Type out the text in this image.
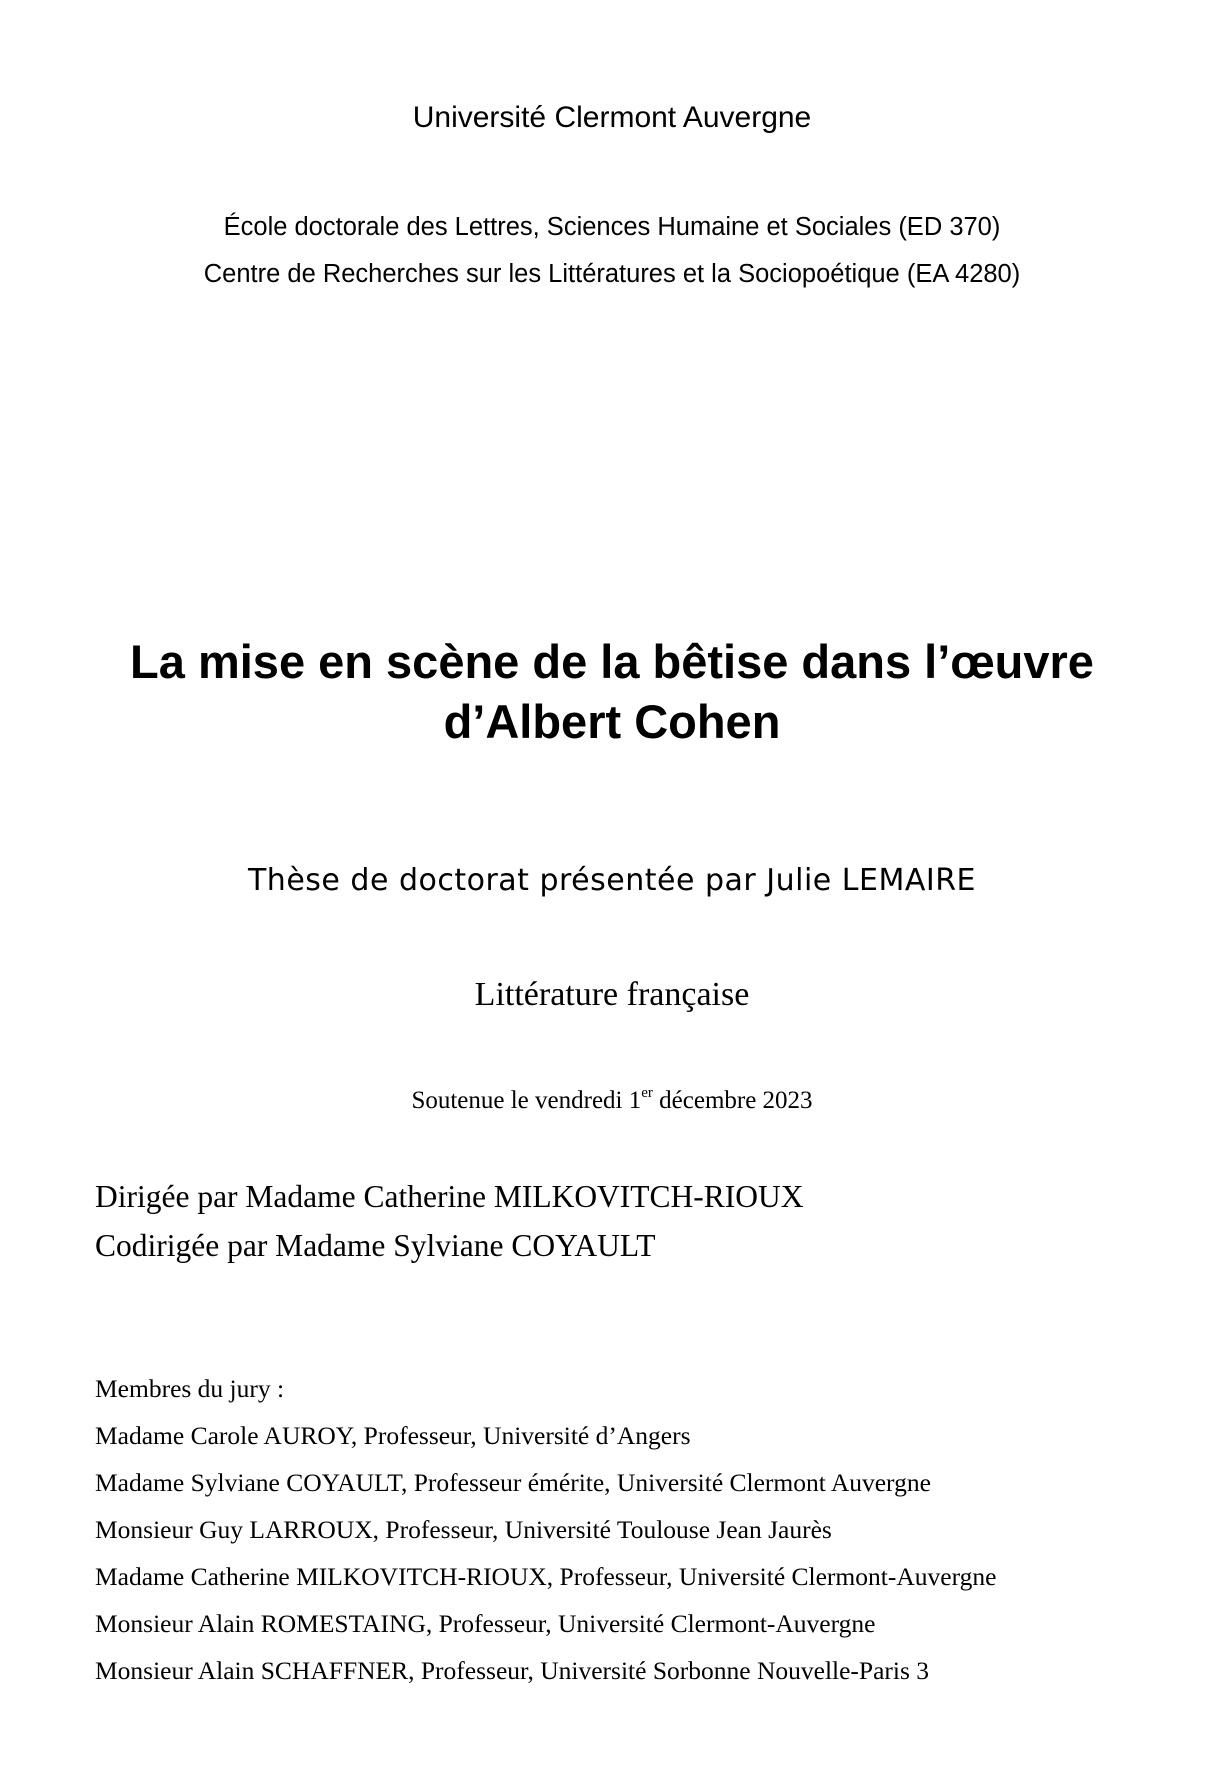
Université Clermont Auvergne
École doctorale des Lettres, Sciences Humaine et Sociales (ED 370)
Centre de Recherches sur les Littératures et la Sociopoétique (EA 4280)
La mise en scène de la bêtise dans l’œuvre
d’Albert Cohen
Thèse de doctorat présentée par Julie LEMAIRE
Littérature française
Soutenue le vendredi 1er décembre 2023
Dirigée par Madame Catherine MILKOVITCH-RIOUX
Codirigée par Madame Sylviane COYAULT
Membres du jury :
Madame Carole AUROY, Professeur, Université d’Angers
Madame Sylviane COYAULT, Professeur émérite, Université Clermont Auvergne
Monsieur Guy LARROUX, Professeur, Université Toulouse Jean Jaurès
Madame Catherine MILKOVITCH-RIOUX, Professeur, Université Clermont-Auvergne
Monsieur Alain ROMESTAING, Professeur, Université Clermont-Auvergne
Monsieur Alain SCHAFFNER, Professeur, Université Sorbonne Nouvelle-Paris 3
